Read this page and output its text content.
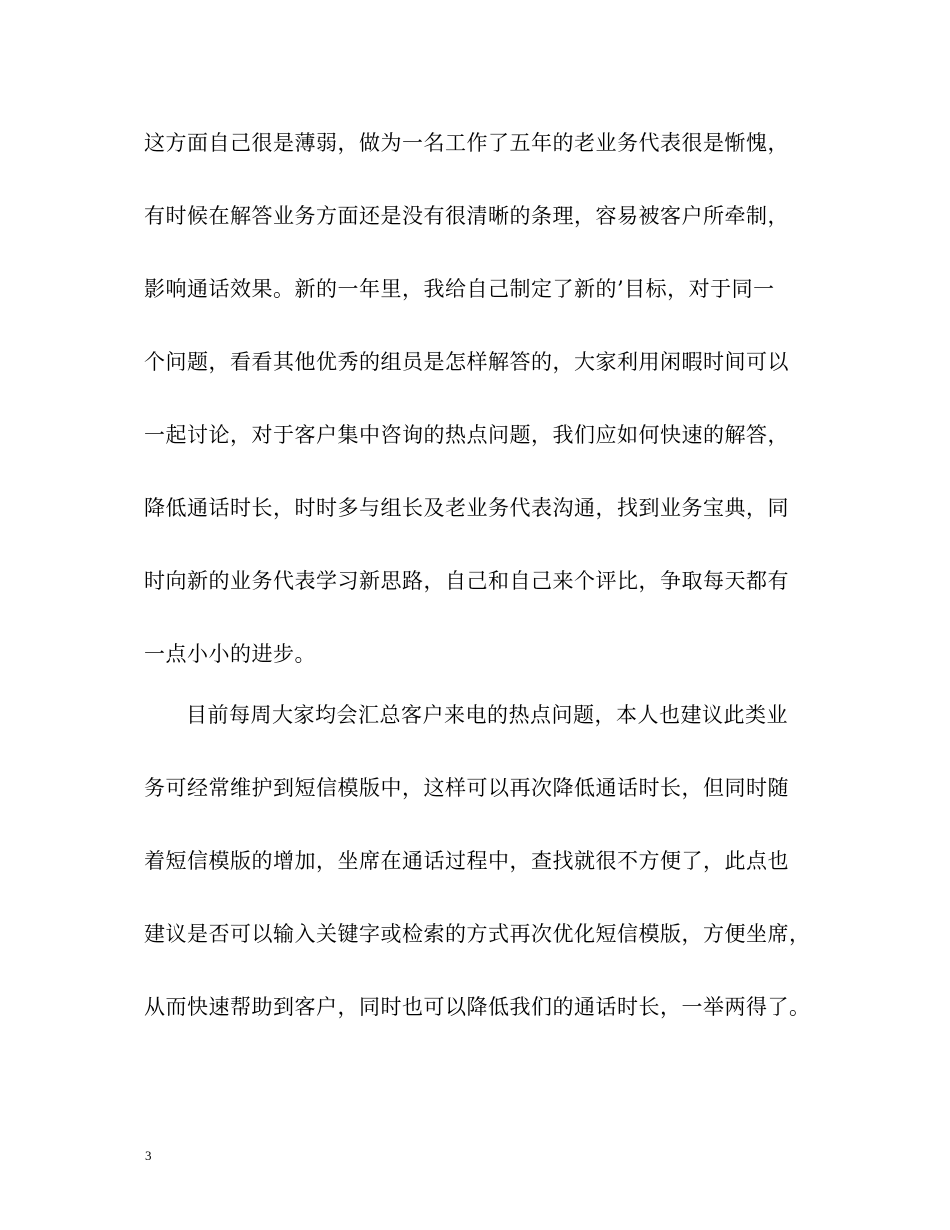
这方面自己很是薄弱，做为一名工作了五年的老业务代表很是惭愧，
有时候在解答业务方面还是没有很清晰的条理，容易被客户所牵制，
影响通话效果。新的一年里，我给自己制定了新的’目标，对于同一
个问题，看看其他优秀的组员是怎样解答的，大家利用闲暇时间可以
一起讨论，对于客户集中咨询的热点问题，我们应如何快速的解答，
降低通话时长，时时多与组长及老业务代表沟通，找到业务宝典，同
时向新的业务代表学习新思路，自己和自己来个评比，争取每天都有
一点小小的进步。
目前每周大家均会汇总客户来电的热点问题，本人也建议此类业
务可经常维护到短信模版中，这样可以再次降低通话时长，但同时随
着短信模版的增加，坐席在通话过程中，查找就很不方便了，此点也
建议是否可以输入关键字或检索的方式再次优化短信模版，方便坐席，
从而快速帮助到客户，同时也可以降低我们的通话时长，一举两得了。
3
